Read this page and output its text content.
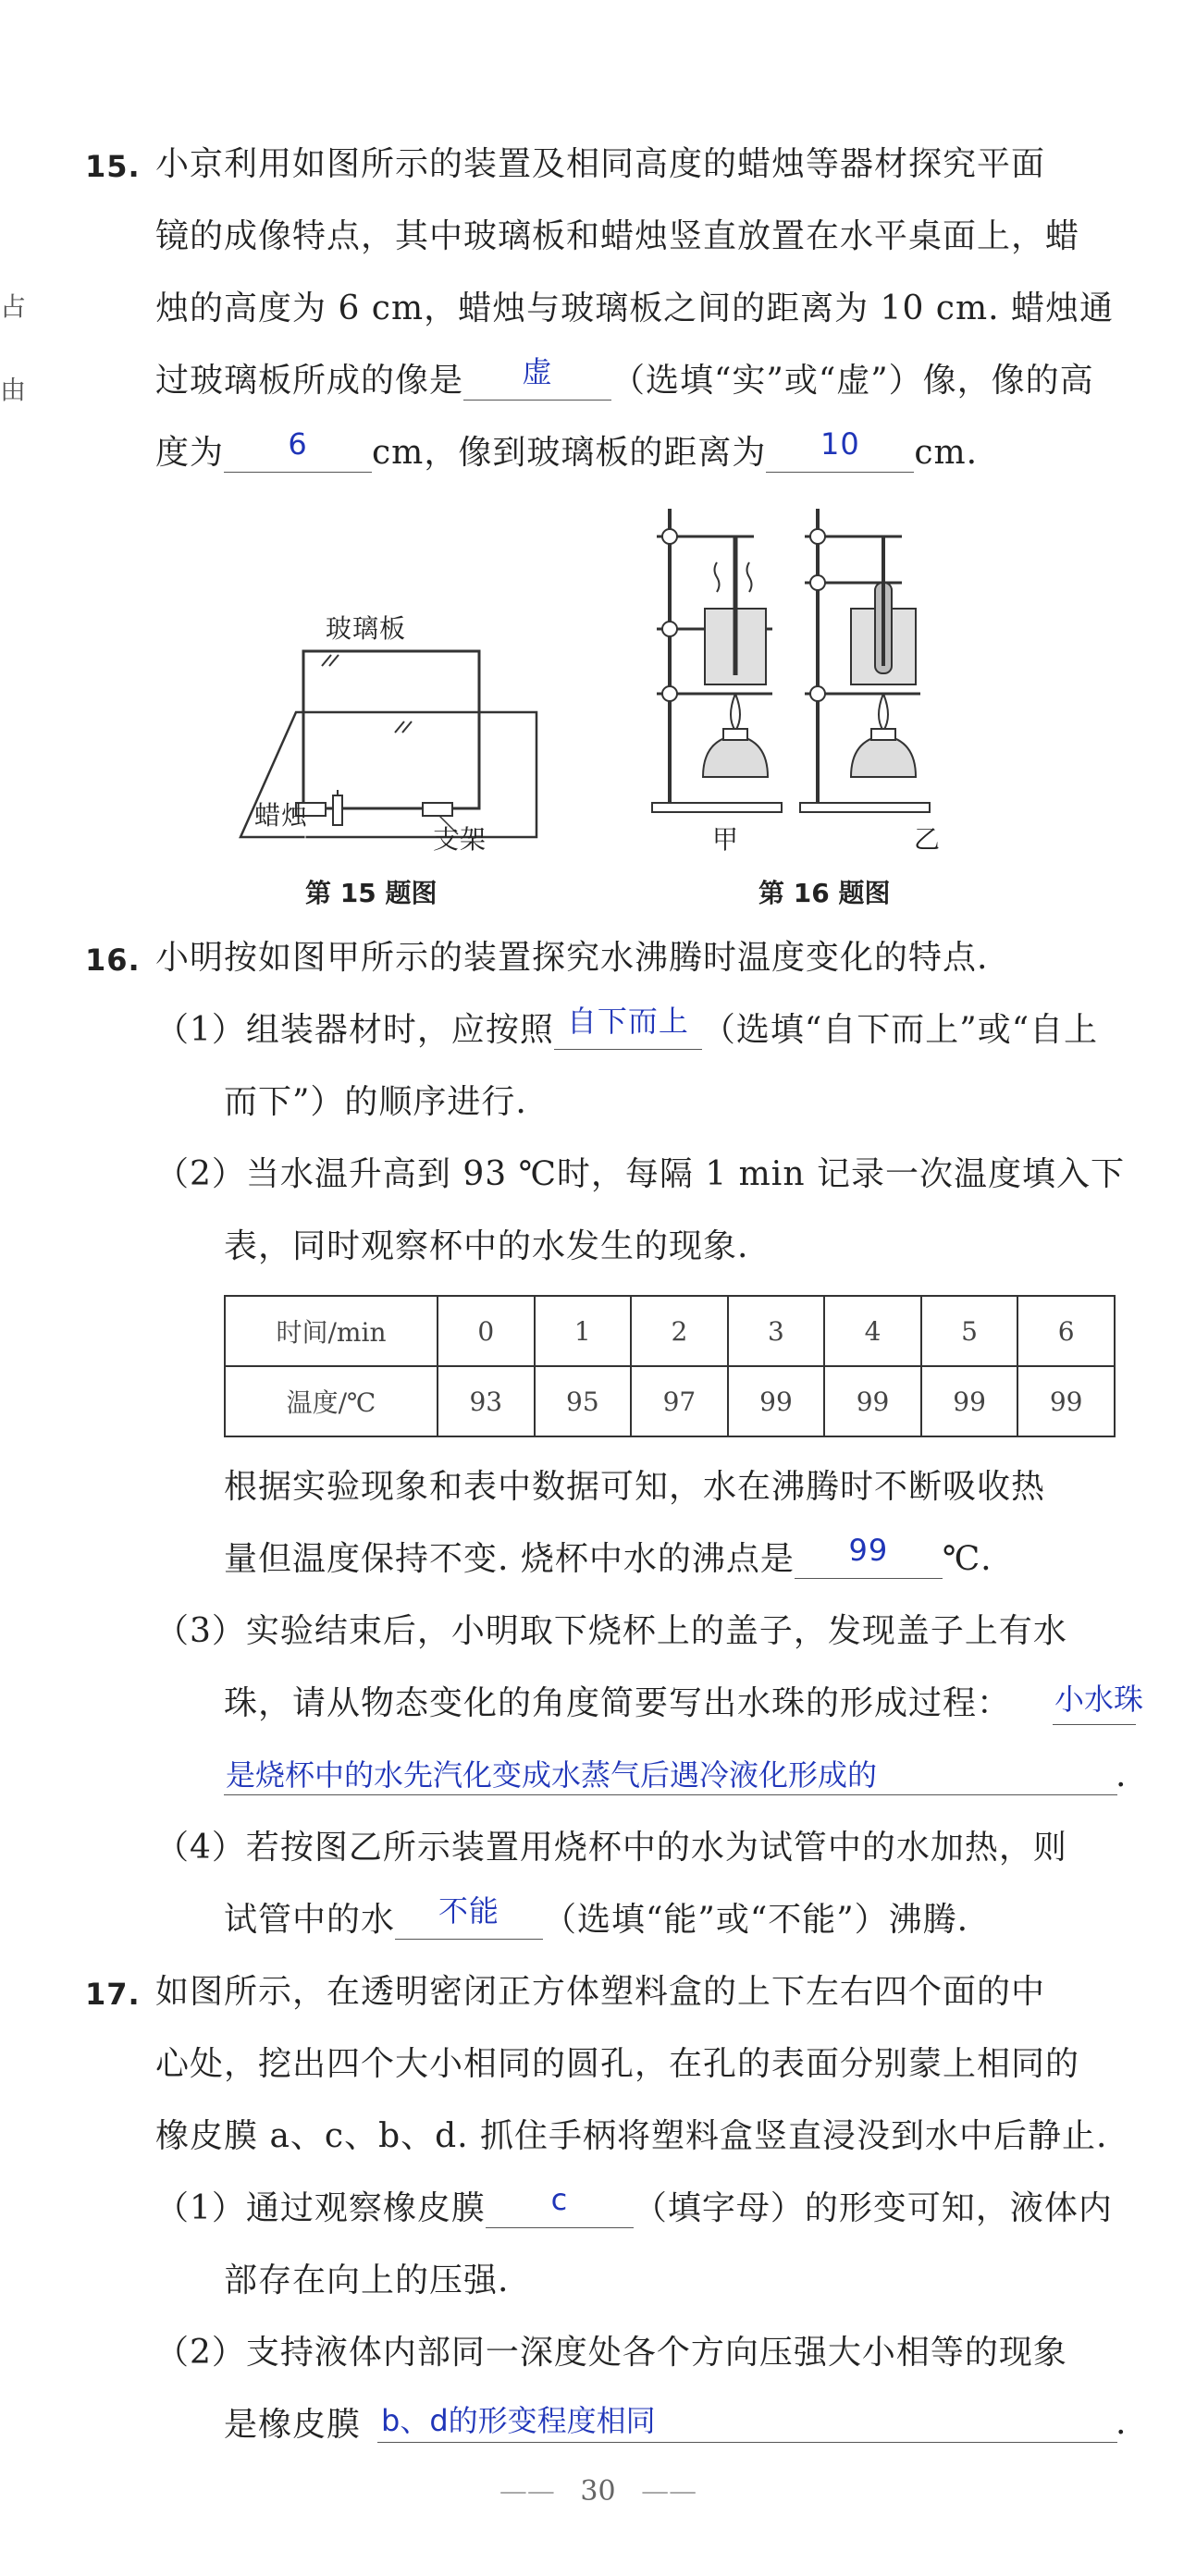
占
由
15. 小京利用如图所示的装置及相同高度的蜡烛等器材探究平面
镜的成像特点，其中玻璃板和蜡烛竖直放置在水平桌面上，蜡
烛的高度为 6 cm，蜡烛与玻璃板之间的距离为 10 cm. 蜡烛通
过玻璃板所成的像是 虚 （选填“实”或“虚”）像，像的高
度为 6 cm，像到玻璃板的距离为 10 cm.
玻璃板
蜡烛
支架
第 15 题图
甲	乙
第 16 题图
16. 小明按如图甲所示的装置探究水沸腾时温度变化的特点.
（1）组装器材时，应按照 自下而上 （选填“自下而上”或“自上
而下”）的顺序进行.
（2）当水温升高到 93 ℃时，每隔 1 min 记录一次温度填入下
表，同时观察杯中的水发生的现象.
时间/min	0	1	2	3	4	5	6
温度/℃	93	95	97	99	99	99	99
根据实验现象和表中数据可知，水在沸腾时不断吸收热
量但温度保持不变. 烧杯中水的沸点是 99 ℃.
（3）实验结束后，小明取下烧杯上的盖子，发现盖子上有水
珠，请从物态变化的角度简要写出水珠的形成过程： 小水珠
是烧杯中的水先汽化变成水蒸气后遇冷液化形成的	.
（4）若按图乙所示装置用烧杯中的水为试管中的水加热，则
试管中的水 不能 （选填“能”或“不能”）沸腾.
17. 如图所示，在透明密闭正方体塑料盒的上下左右四个面的中
心处，挖出四个大小相同的圆孔，在孔的表面分别蒙上相同的
橡皮膜 a、c、b、d. 抓住手柄将塑料盒竖直浸没到水中后静止.
（1）通过观察橡皮膜 c （填字母）的形变可知，液体内
部存在向上的压强.
（2）支持液体内部同一深度处各个方向压强大小相等的现象
是橡皮膜 b、d的形变程度相同	.
—— 30 ——
